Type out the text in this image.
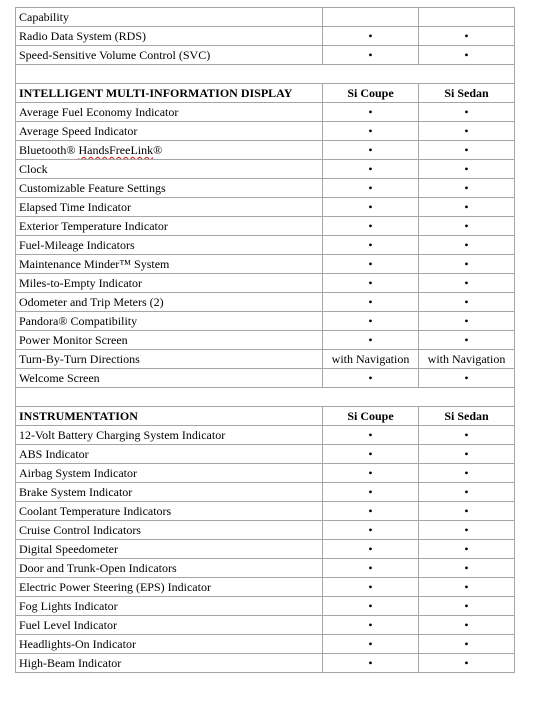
Capability		
Radio Data System (RDS)	•	•
Speed-Sensitive Volume Control (SVC)	•	•

INTELLIGENT MULTI-INFORMATION DISPLAY	Si Coupe	Si Sedan
Average Fuel Economy Indicator	•	•
Average Speed Indicator	•	•
Bluetooth® HandsFreeLink®	•	•
Clock	•	•
Customizable Feature Settings	•	•
Elapsed Time Indicator	•	•
Exterior Temperature Indicator	•	•
Fuel-Mileage Indicators	•	•
Maintenance Minder™ System	•	•
Miles-to-Empty Indicator	•	•
Odometer and Trip Meters (2)	•	•
Pandora® Compatibility	•	•
Power Monitor Screen	•	•
Turn-By-Turn Directions	with Navigation	with Navigation
Welcome Screen	•	•

INSTRUMENTATION	Si Coupe	Si Sedan
12-Volt Battery Charging System Indicator	•	•
ABS Indicator	•	•
Airbag System Indicator	•	•
Brake System Indicator	•	•
Coolant Temperature Indicators	•	•
Cruise Control Indicators	•	•
Digital Speedometer	•	•
Door and Trunk-Open Indicators	•	•
Electric Power Steering (EPS) Indicator	•	•
Fog Lights Indicator	•	•
Fuel Level Indicator	•	•
Headlights-On Indicator	•	•
High-Beam Indicator	•	•
